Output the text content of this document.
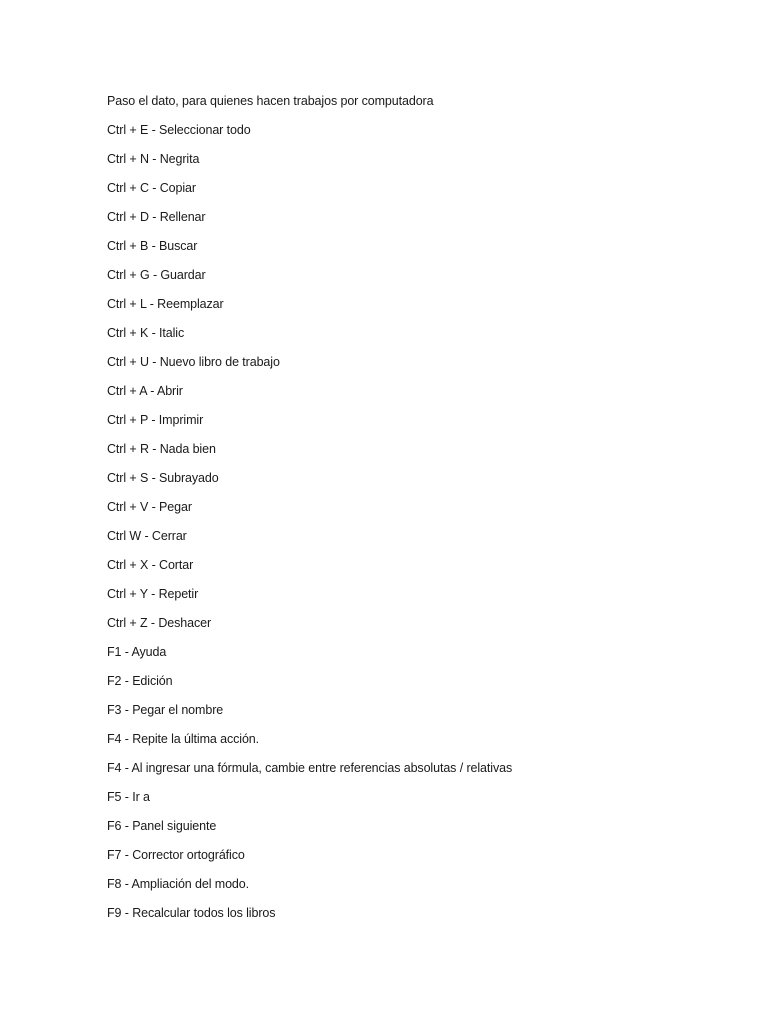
Paso el dato, para quienes hacen trabajos por computadora
Ctrl + E - Seleccionar todo
Ctrl + N - Negrita
Ctrl + C - Copiar
Ctrl + D - Rellenar
Ctrl + B - Buscar
Ctrl + G - Guardar
Ctrl + L - Reemplazar
Ctrl + K - Italic
Ctrl + U - Nuevo libro de trabajo
Ctrl + A - Abrir
Ctrl + P - Imprimir
Ctrl + R - Nada bien
Ctrl + S - Subrayado
Ctrl + V - Pegar
Ctrl W - Cerrar
Ctrl + X - Cortar
Ctrl + Y - Repetir
Ctrl + Z - Deshacer
F1 - Ayuda
F2 - Edición
F3 - Pegar el nombre
F4 - Repite la última acción.
F4 - Al ingresar una fórmula, cambie entre referencias absolutas / relativas
F5 - Ir a
F6 - Panel siguiente
F7 - Corrector ortográfico
F8 - Ampliación del modo.
F9 - Recalcular todos los libros
